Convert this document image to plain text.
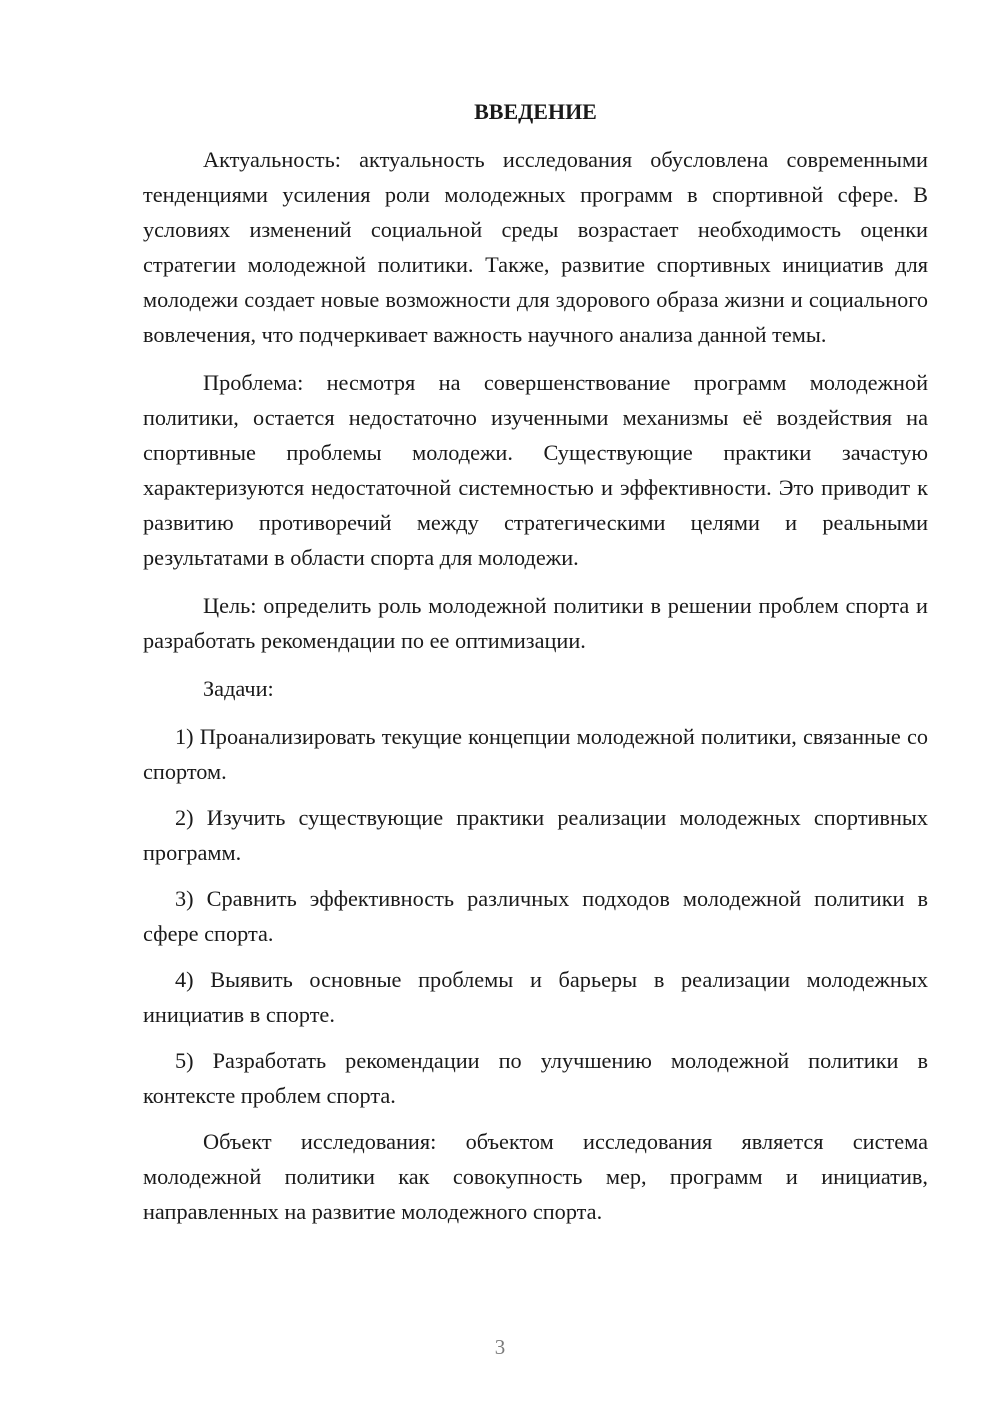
ВВЕДЕНИЕ

Актуальность: актуальность исследования обусловлена современными тенденциями усиления роли молодежных программ в спортивной сфере. В условиях изменений социальной среды возрастает необходимость оценки стратегии молодежной политики. Также, развитие спортивных инициатив для молодежи создает новые возможности для здорового образа жизни и социального вовлечения, что подчеркивает важность научного анализа данной темы.

Проблема: несмотря на совершенствование программ молодежной политики, остается недостаточно изученными механизмы её воздействия на спортивные проблемы молодежи. Существующие практики зачастую характеризуются недостаточной системностью и эффективности. Это приводит к развитию противоречий между стратегическими целями и реальными результатами в области спорта для молодежи.

Цель: определить роль молодежной политики в решении проблем спорта и разработать рекомендации по ее оптимизации.

Задачи:

1) Проанализировать текущие концепции молодежной политики, связанные со спортом.

2) Изучить существующие практики реализации молодежных спортивных программ.

3) Сравнить эффективность различных подходов молодежной политики в сфере спорта.

4) Выявить основные проблемы и барьеры в реализации молодежных инициатив в спорте.

5) Разработать рекомендации по улучшению молодежной политики в контексте проблем спорта.

Объект исследования: объектом исследования является система молодежной политики как совокупность мер, программ и инициатив, направленных на развитие молодежного спорта.

3
